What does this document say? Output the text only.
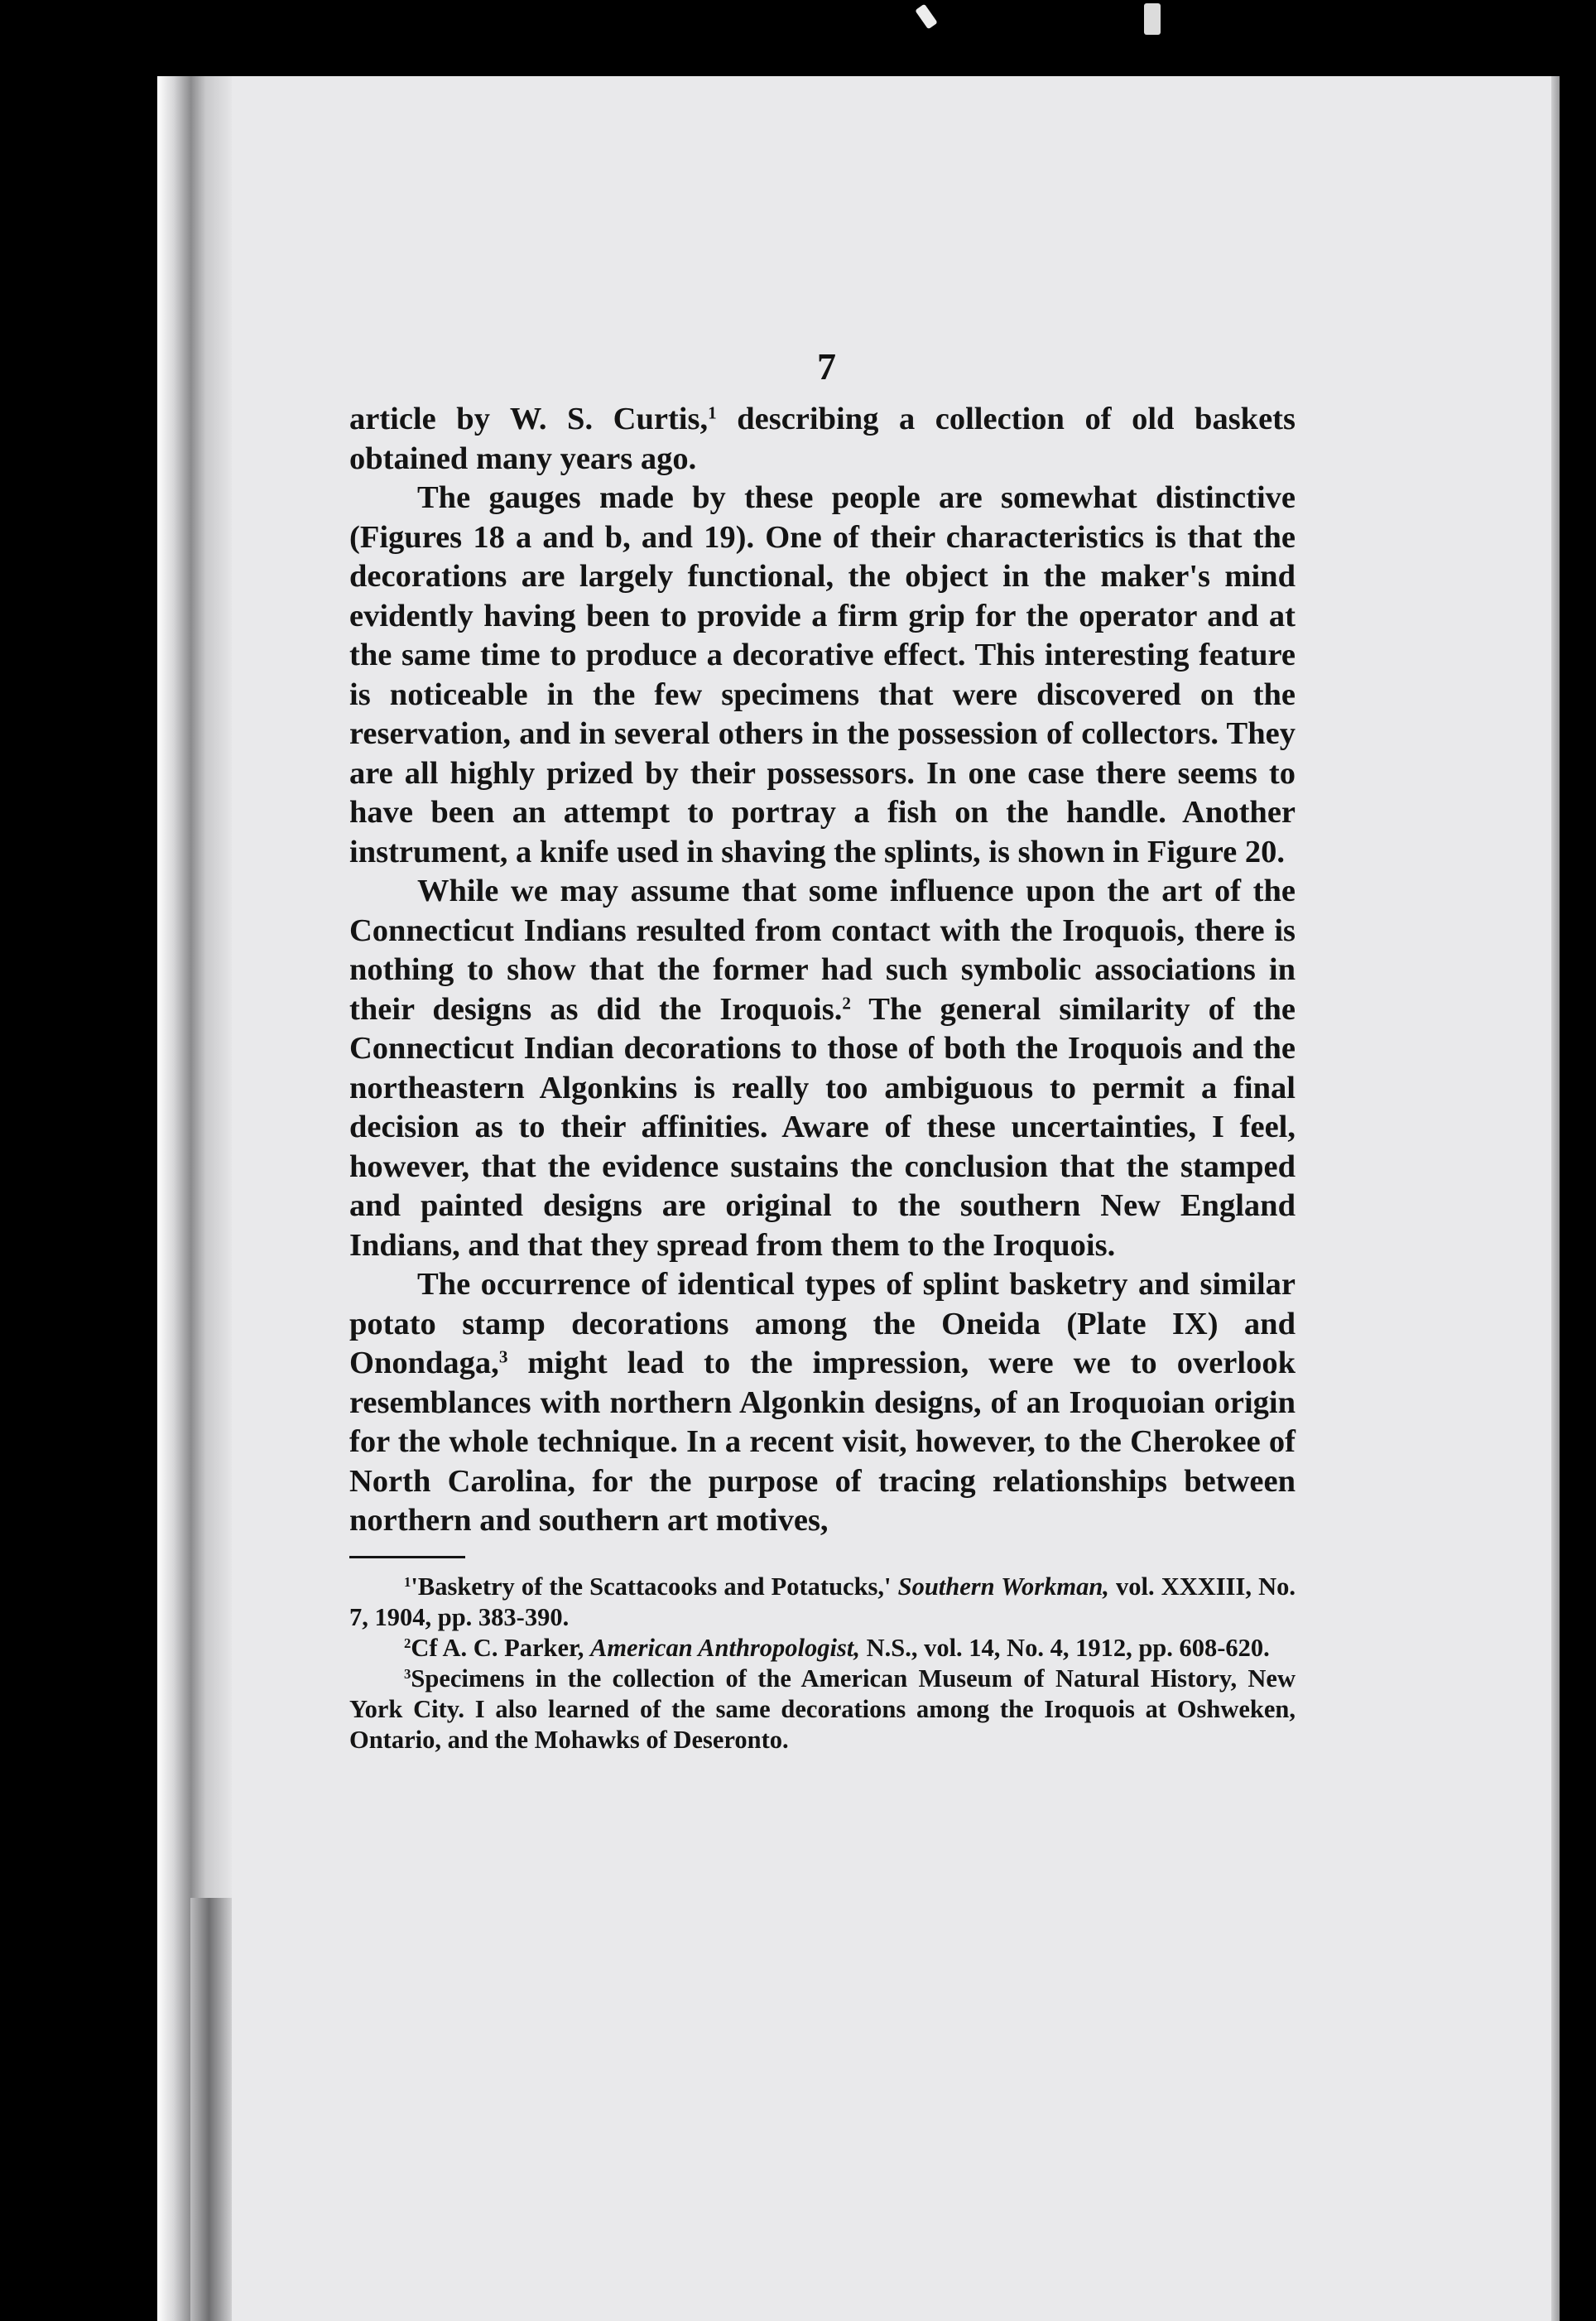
7

article by W. S. Curtis,$^1$ describing a collection of old baskets obtained many years ago.

The gauges made by these people are somewhat distinctive (Figures 18 a and b, and 19). One of their characteristics is that the decorations are largely functional, the object in the maker's mind evidently having been to provide a firm grip for the operator and at the same time to produce a decorative effect. This interesting feature is noticeable in the few specimens that were discovered on the reservation, and in several others in the possession of collectors. They are all highly prized by their possessors. In one case there seems to have been an attempt to portray a fish on the handle. Another instrument, a knife used in shaving the splints, is shown in Figure 20.

While we may assume that some influence upon the art of the Connecticut Indians resulted from contact with the Iroquois, there is nothing to show that the former had such symbolic associations in their designs as did the Iroquois.$^2$ The general similarity of the Connecticut Indian decorations to those of both the Iroquois and the northeastern Algonkins is really too ambiguous to permit a final decision as to their affinities. Aware of these uncertainties, I feel, however, that the evidence sustains the conclusion that the stamped and painted designs are original to the southern New England Indians, and that they spread from them to the Iroquois.

The occurrence of identical types of splint basketry and similar potato stamp decorations among the Oneida (Plate IX) and Onondaga,$^3$ might lead to the impression, were we to overlook resemblances with northern Algonkin designs, of an Iroquoian origin for the whole technique. In a recent visit, however, to the Cherokee of North Carolina, for the purpose of tracing relationships between northern and southern art motives,

$^1$'Basketry of the Scattacooks and Potatucks,' Southern Workman, vol. XXXIII, No. 7, 1904, pp. 383-390.

$^2$Cf A. C. Parker, American Anthropologist, N.S., vol. 14, No. 4, 1912, pp. 608-620.

$^3$Specimens in the collection of the American Museum of Natural History, New York City. I also learned of the same decorations among the Iroquois at Oshweken, Ontario, and the Mohawks of Deseronto.
